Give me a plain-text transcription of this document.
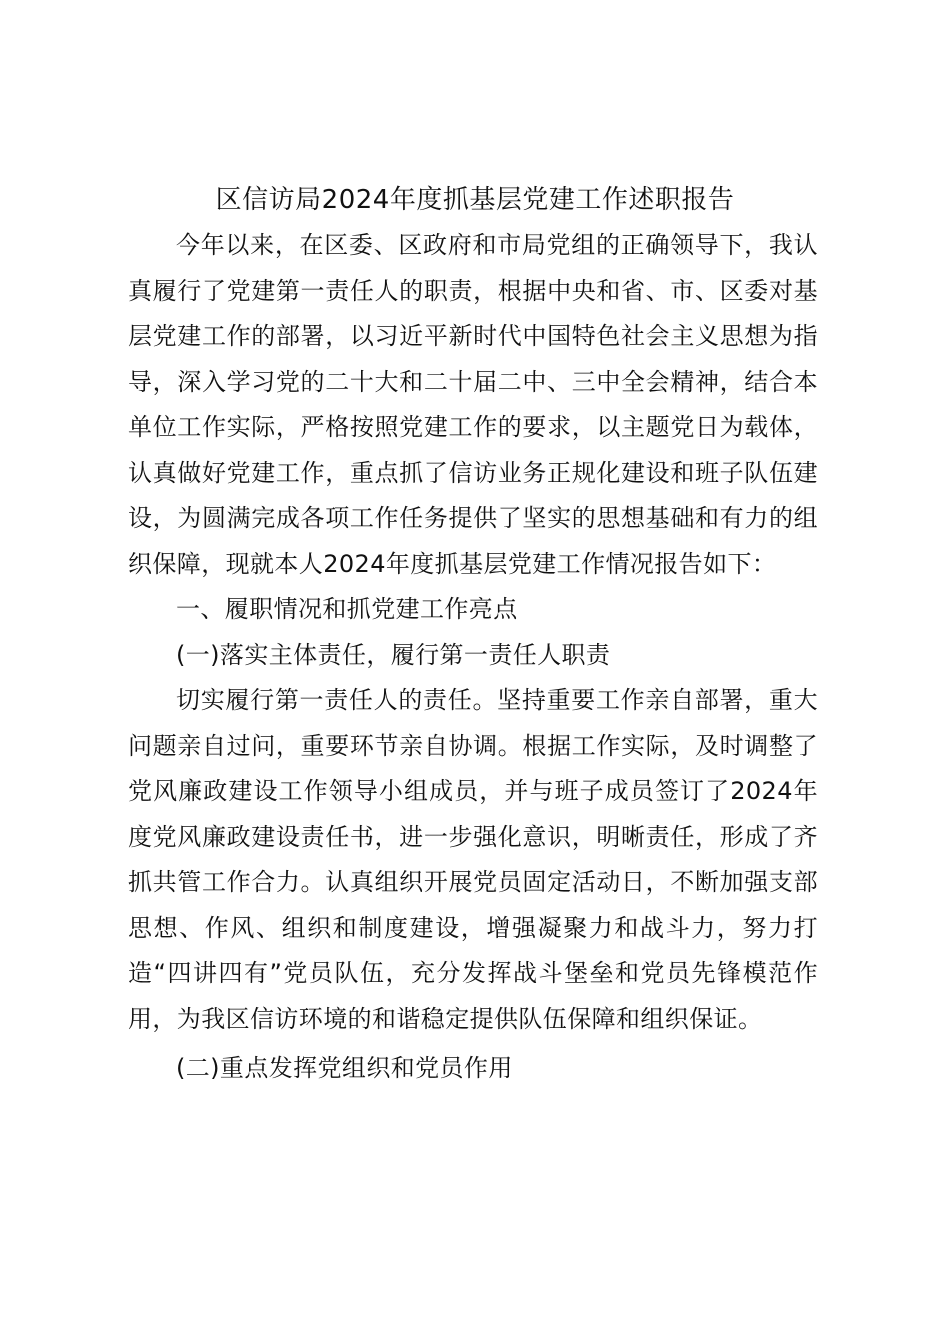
区信访局2024年度抓基层党建工作述职报告

今年以来，在区委、区政府和市局党组的正确领导下，我认真履行了党建第一责任人的职责，根据中央和省、市、区委对基层党建工作的部署，以习近平新时代中国特色社会主义思想为指导，深入学习党的二十大和二十届二中、三中全会精神，结合本单位工作实际，严格按照党建工作的要求，以主题党日为载体，认真做好党建工作，重点抓了信访业务正规化建设和班子队伍建设，为圆满完成各项工作任务提供了坚实的思想基础和有力的组织保障，现就本人2024年度抓基层党建工作情况报告如下：

一、履职情况和抓党建工作亮点

(一)落实主体责任，履行第一责任人职责

切实履行第一责任人的责任。坚持重要工作亲自部署，重大问题亲自过问，重要环节亲自协调。根据工作实际，及时调整了党风廉政建设工作领导小组成员，并与班子成员签订了2024年度党风廉政建设责任书，进一步强化意识，明晰责任，形成了齐抓共管工作合力。认真组织开展党员固定活动日，不断加强支部思想、作风、组织和制度建设，增强凝聚力和战斗力，努力打造“四讲四有”党员队伍，充分发挥战斗堡垒和党员先锋模范作用，为我区信访环境的和谐稳定提供队伍保障和组织保证。

(二)重点发挥党组织和党员作用
